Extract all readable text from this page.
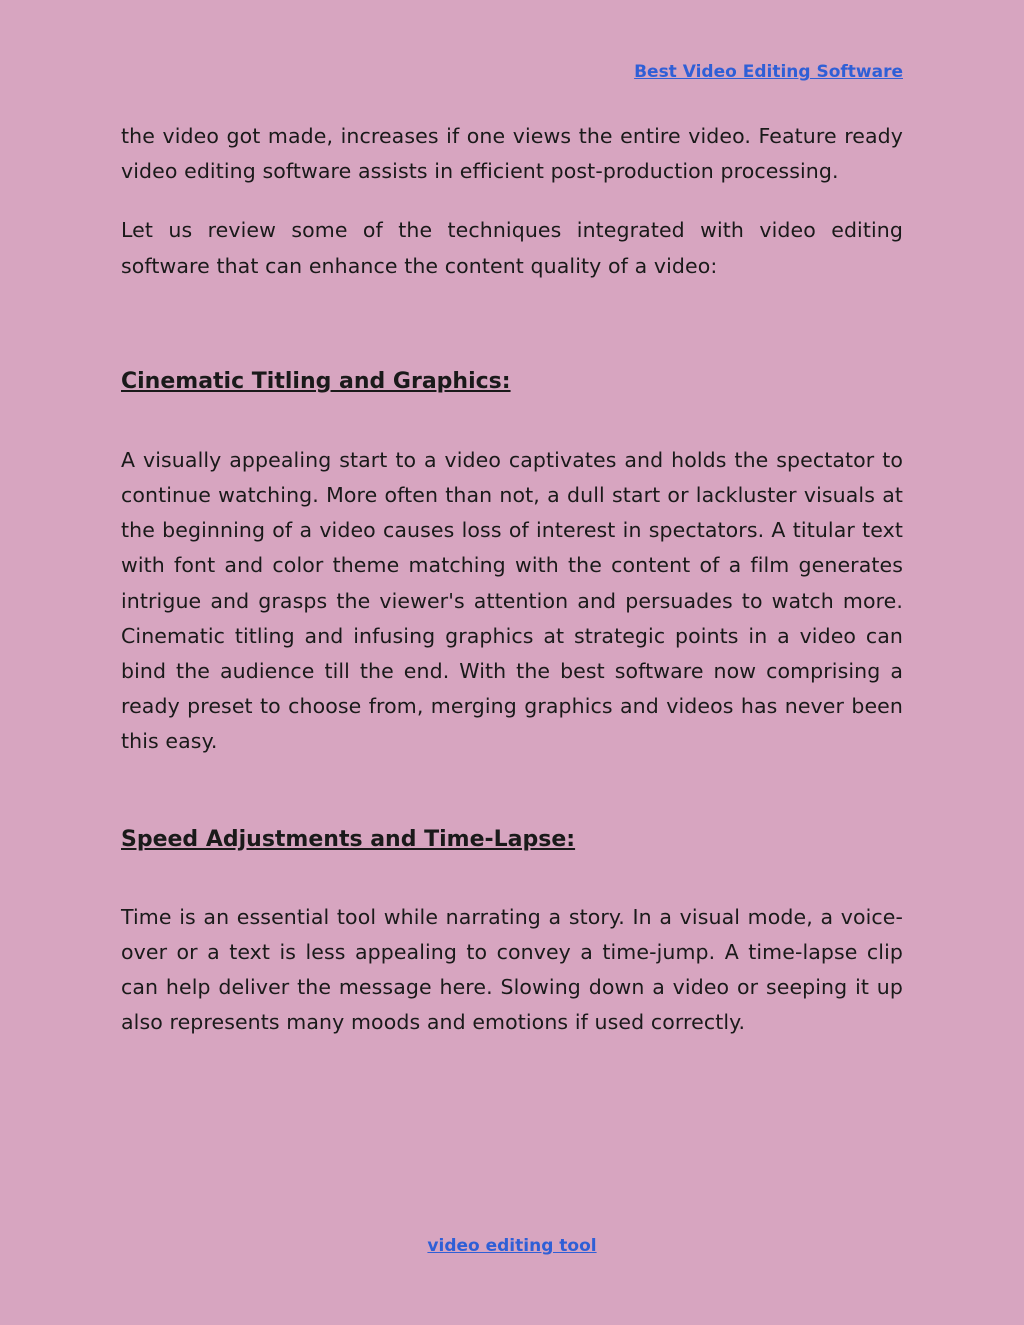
Best Video Editing Software

the video got made, increases if one views the entire video. Feature ready video editing software assists in efficient post-production processing.

Let us review some of the techniques integrated with video editing software that can enhance the content quality of a video:

Cinematic Titling and Graphics:

A visually appealing start to a video captivates and holds the spectator to continue watching. More often than not, a dull start or lackluster visuals at the beginning of a video causes loss of interest in spectators. A titular text with font and color theme matching with the content of a film generates intrigue and grasps the viewer's attention and persuades to watch more. Cinematic titling and infusing graphics at strategic points in a video can bind the audience till the end. With the best software now comprising a ready preset to choose from, merging graphics and videos has never been this easy.

Speed Adjustments and Time-Lapse:

Time is an essential tool while narrating a story. In a visual mode, a voice-over or a text is less appealing to convey a time-jump. A time-lapse clip can help deliver the message here. Slowing down a video or seeping it up also represents many moods and emotions if used correctly.

video editing tool
